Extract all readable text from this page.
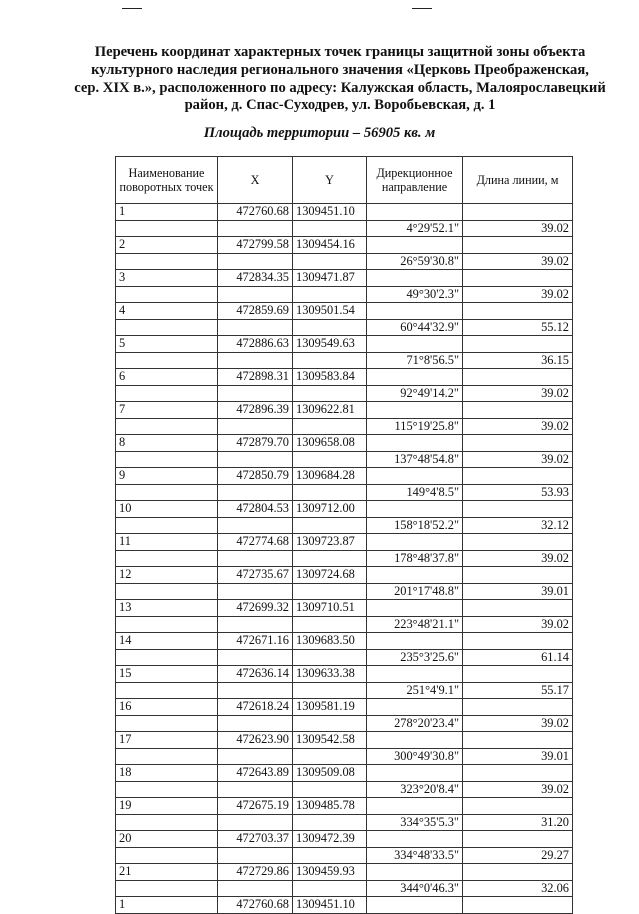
Перечень координат характерных точек границы защитной зоны объекта
культурного наследия регионального значения «Церковь Преображенская,
сер. XIX в.», расположенного по адресу: Калужская область, Малоярославецкий
район, д. Спас-Суходрев, ул. Воробьевская, д. 1
Площадь территории – 56905 кв. м
Наименование поворотных точек	X	Y	Дирекционное направление	Длина линии, м
1	472760.68	1309451.10		
			4°29'52.1"	39.02
2	472799.58	1309454.16		
			26°59'30.8"	39.02
3	472834.35	1309471.87		
			49°30'2.3"	39.02
4	472859.69	1309501.54		
			60°44'32.9"	55.12
5	472886.63	1309549.63		
			71°8'56.5"	36.15
6	472898.31	1309583.84		
			92°49'14.2"	39.02
7	472896.39	1309622.81		
			115°19'25.8"	39.02
8	472879.70	1309658.08		
			137°48'54.8"	39.02
9	472850.79	1309684.28		
			149°4'8.5"	53.93
10	472804.53	1309712.00		
			158°18'52.2"	32.12
11	472774.68	1309723.87		
			178°48'37.8"	39.02
12	472735.67	1309724.68		
			201°17'48.8"	39.01
13	472699.32	1309710.51		
			223°48'21.1"	39.02
14	472671.16	1309683.50		
			235°3'25.6"	61.14
15	472636.14	1309633.38		
			251°4'9.1"	55.17
16	472618.24	1309581.19		
			278°20'23.4"	39.02
17	472623.90	1309542.58		
			300°49'30.8"	39.01
18	472643.89	1309509.08		
			323°20'8.4"	39.02
19	472675.19	1309485.78		
			334°35'5.3"	31.20
20	472703.37	1309472.39		
			334°48'33.5"	29.27
21	472729.86	1309459.93		
			344°0'46.3"	32.06
1	472760.68	1309451.10		
